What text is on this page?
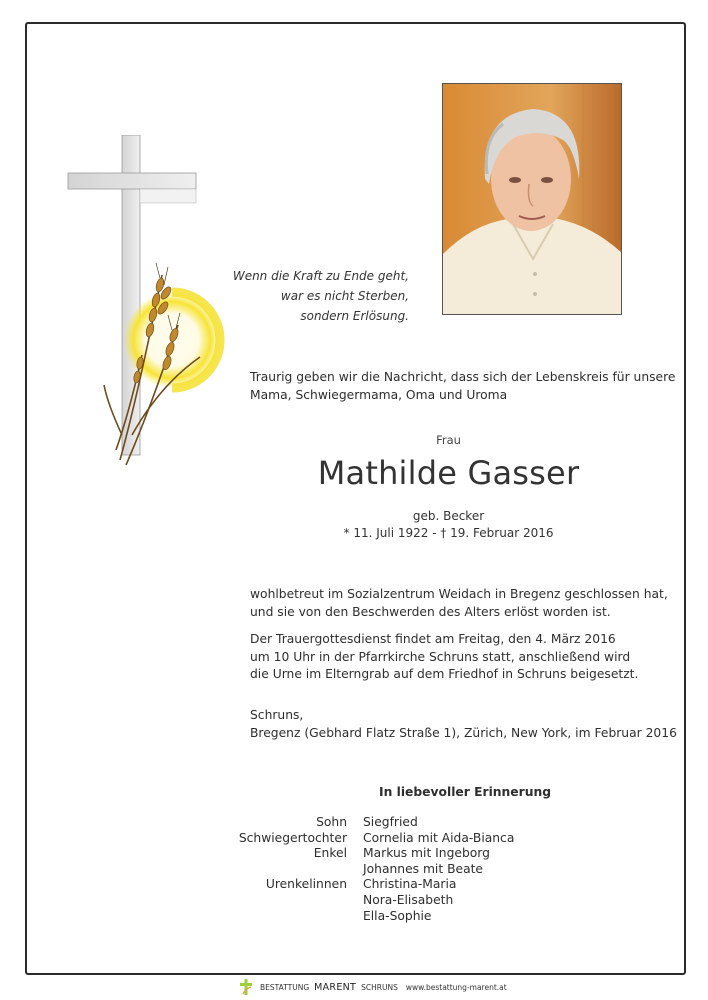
Wenn die Kraft zu Ende geht,
war es nicht Sterben,
sondern Erlösung.
Traurig geben wir die Nachricht, dass sich der Lebenskreis für unsere
Mama, Schwiegermama, Oma und Uroma
Frau
Mathilde Gasser
geb. Becker
* 11. Juli 1922 - † 19. Februar 2016
wohlbetreut im Sozialzentrum Weidach in Bregenz geschlossen hat,
und sie von den Beschwerden des Alters erlöst worden ist.
Der Trauergottesdienst findet am Freitag, den 4. März 2016
um 10 Uhr in der Pfarrkirche Schruns statt, anschließend wird
die Urne im Elterngrab auf dem Friedhof in Schruns beigesetzt.
Schruns,
Bregenz (Gebhard Flatz Straße 1), Zürich, New York, im Februar 2016
In liebevoller Erinnerung
Sohn	Siegfried
Schwiegertochter	Cornelia mit Aida-Bianca
Enkel	Markus mit Ingeborg
Johannes mit Beate
Urenkelinnen	Christina-Maria
Nora-Elisabeth
Ella-Sophie
BESTATTUNG MARENT SCHRUNS www.bestattung-marent.at
